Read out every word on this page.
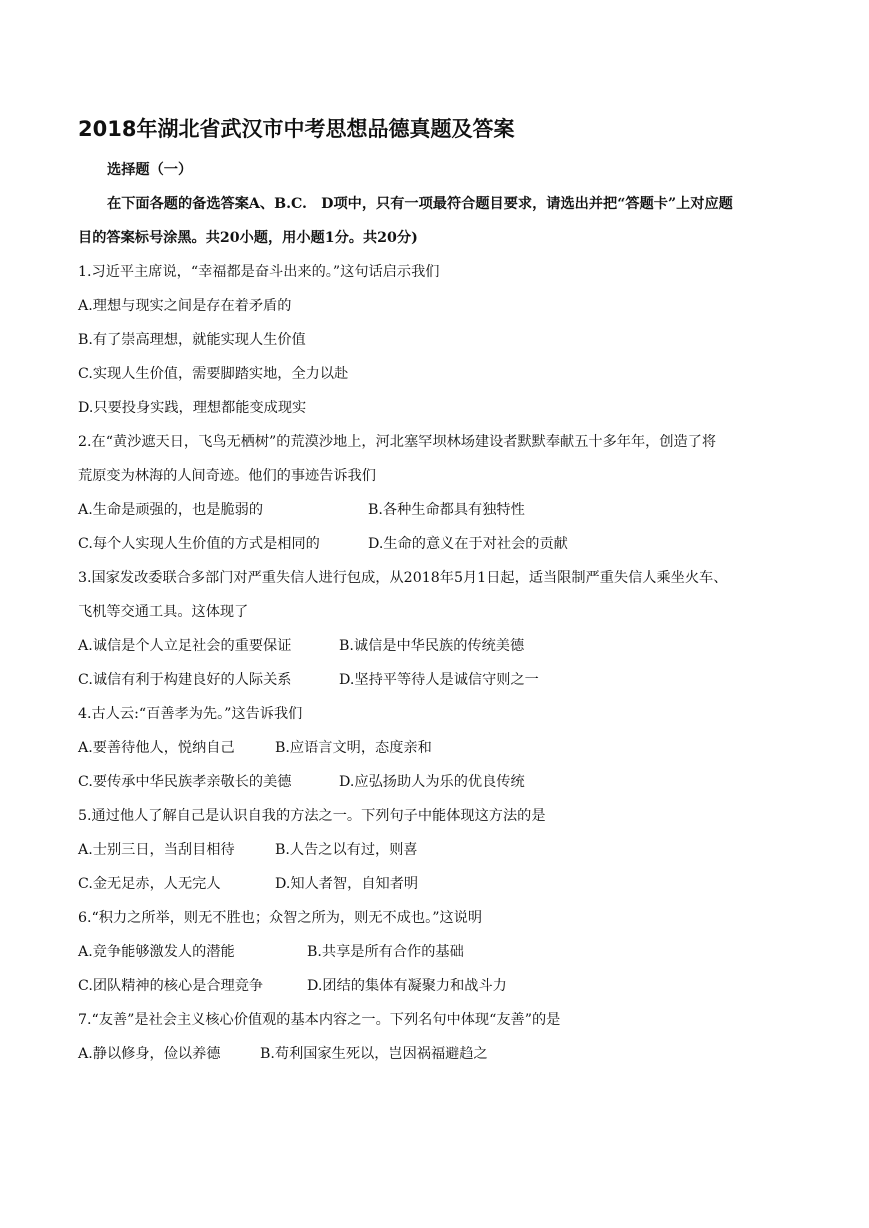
2018年湖北省武汉市中考思想品德真题及答案
选择题（一）
在下面各题的备选答案A、B.C.　D项中，只有一项最符合题目要求，请选出并把“答题卡”上对应题
目的答案标号涂黑。共20小题，用小题1分。共20分)
1.习近平主席说，“幸福都是奋斗出来的。”这句话启示我们
A.理想与现实之间是存在着矛盾的
B.有了崇高理想，就能实现人生价值
C.实现人生价值，需要脚踏实地，全力以赴
D.只要投身实践，理想都能变成现实
2.在“黄沙遮天日，飞鸟无栖树”的荒漠沙地上，河北塞罕坝林场建设者默默奉献五十多年年，创造了将
荒原变为林海的人间奇迹。他们的事迹告诉我们
A.生命是顽强的，也是脆弱的	B.各种生命都具有独特性
C.每个人实现人生价值的方式是相同的	D.生命的意义在于对社会的贡献
3.国家发改委联合多部门对严重失信人进行包成，从2018年5月1日起，适当限制严重失信人乘坐火车、
飞机等交通工具。这体现了
A.诚信是个人立足社会的重要保证	B.诚信是中华民族的传统美德
C.诚信有利于构建良好的人际关系	D.坚持平等待人是诚信守则之一
4.古人云:“百善孝为先。”这告诉我们
A.要善待他人，悦纳自己	B.应语言文明，态度亲和
C.要传承中华民族孝亲敬长的美德	D.应弘扬助人为乐的优良传统
5.通过他人了解自己是认识自我的方法之一。下列句子中能体现这方法的是
A.士别三日，当刮目相待	B.人告之以有过，则喜
C.金无足赤，人无完人	D.知人者智，自知者明
6.“积力之所举，则无不胜也；众智之所为，则无不成也。”这说明
A.竞争能够激发人的潜能	B.共享是所有合作的基础
C.团队精神的核心是合理竞争	D.团结的集体有凝聚力和战斗力
7.“友善”是社会主义核心价值观的基本内容之一。下列名句中体现“友善”的是
A.静以修身，俭以养德	B.苟利国家生死以，岂因祸福避趋之
